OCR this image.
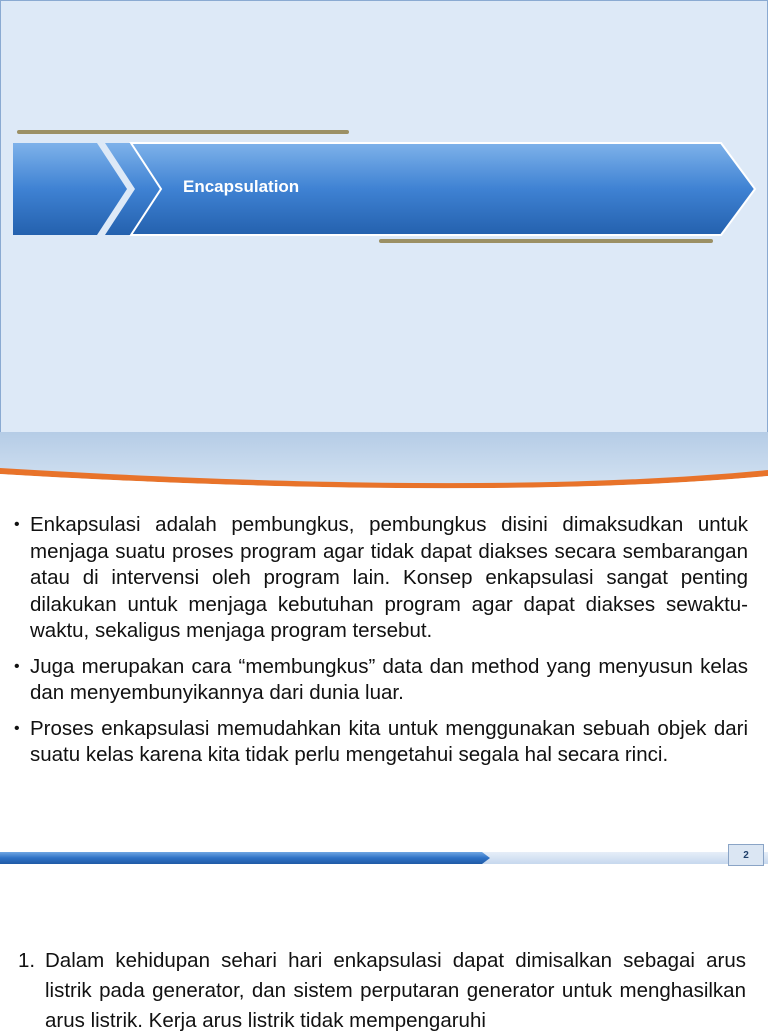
Encapsulation
• Enkapsulasi adalah pembungkus, pembungkus disini dimaksudkan untuk menjaga suatu proses program agar tidak dapat diakses secara sembarangan atau di intervensi oleh program lain. Konsep enkapsulasi sangat penting dilakukan untuk menjaga kebutuhan program agar dapat diakses sewaktu-waktu, sekaligus menjaga program tersebut.
• Juga merupakan cara “membungkus” data dan method yang menyusun kelas dan menyembunyikannya dari dunia luar.
• Proses enkapsulasi memudahkan kita untuk menggunakan sebuah objek dari suatu kelas karena kita tidak perlu mengetahui segala hal secara rinci.
2
1. Dalam kehidupan sehari hari enkapsulasi dapat dimisalkan sebagai arus listrik pada generator, dan sistem perputaran generator untuk menghasilkan arus listrik. Kerja arus listrik tidak mempengaruhi
